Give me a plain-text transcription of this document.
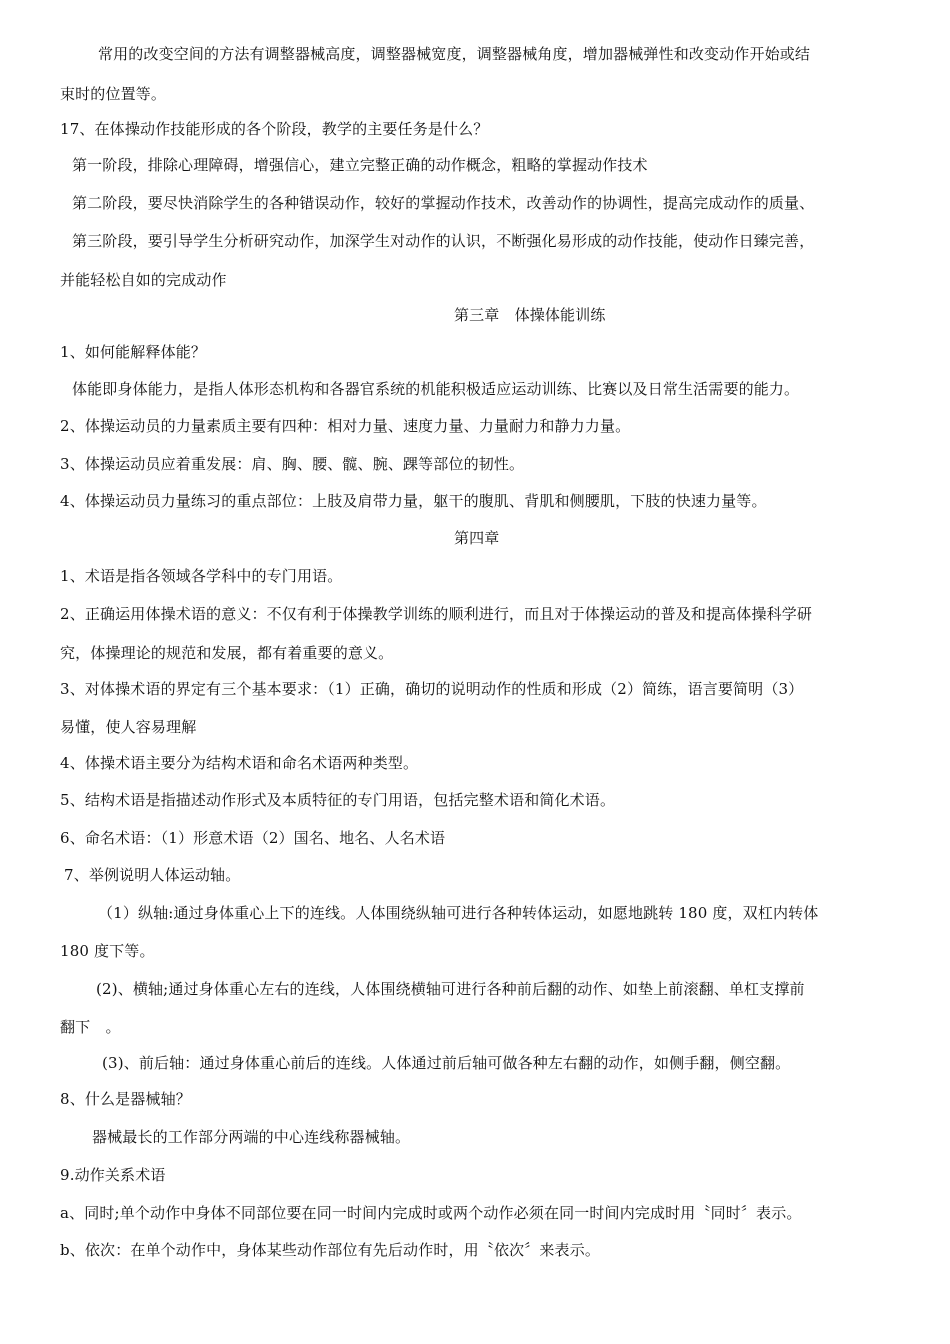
常用的改变空间的方法有调整器械高度，调整器械宽度，调整器械角度，增加器械弹性和改变动作开始或结
束时的位置等。
17、在体操动作技能形成的各个阶段，教学的主要任务是什么？
第一阶段，排除心理障碍，增强信心，建立完整正确的动作概念，粗略的掌握动作技术
第二阶段，要尽快消除学生的各种错误动作，较好的掌握动作技术，改善动作的协调性，提高完成动作的质量、
第三阶段，要引导学生分析研究动作，加深学生对动作的认识，不断强化易形成的动作技能，使动作日臻完善，
并能轻松自如的完成动作
第三章　体操体能训练
1、如何能解释体能？
体能即身体能力，是指人体形态机构和各器官系统的机能积极适应运动训练、比赛以及日常生活需要的能力。
2、体操运动员的力量素质主要有四种：相对力量、速度力量、力量耐力和静力力量。
3、体操运动员应着重发展：肩、胸、腰、髋、腕、踝等部位的韧性。
4、体操运动员力量练习的重点部位：上肢及肩带力量，躯干的腹肌、背肌和侧腰肌，下肢的快速力量等。
第四章
1、术语是指各领域各学科中的专门用语。
2、正确运用体操术语的意义：不仅有利于体操教学训练的顺利进行，而且对于体操运动的普及和提高体操科学研
究，体操理论的规范和发展，都有着重要的意义。
3、对体操术语的界定有三个基本要求：（1）正确，确切的说明动作的性质和形成（2）简练，语言要简明（3）
易懂，使人容易理解
4、体操术语主要分为结构术语和命名术语两种类型。
5、结构术语是指描述动作形式及本质特征的专门用语，包括完整术语和简化术语。
6、命名术语：（1）形意术语（2）国名、地名、人名术语
7、举例说明人体运动轴。
（1）纵轴:通过身体重心上下的连线。人体围绕纵轴可进行各种转体运动，如愿地跳转 180 度，双杠内转体
180 度下等。
(2)、横轴;通过身体重心左右的连线，人体围绕横轴可进行各种前后翻的动作、如垫上前滚翻、单杠支撑前
翻下　。
(3)、前后轴：通过身体重心前后的连线。人体通过前后轴可做各种左右翻的动作，如侧手翻，侧空翻。
8、什么是器械轴？
器械最长的工作部分两端的中心连线称器械轴。
9.动作关系术语
a、同时;单个动作中身体不同部位要在同一时间内完成时或两个动作必须在同一时间内完成时用〝同时〞表示。
b、依次：在单个动作中，身体某些动作部位有先后动作时，用〝依次〞来表示。
